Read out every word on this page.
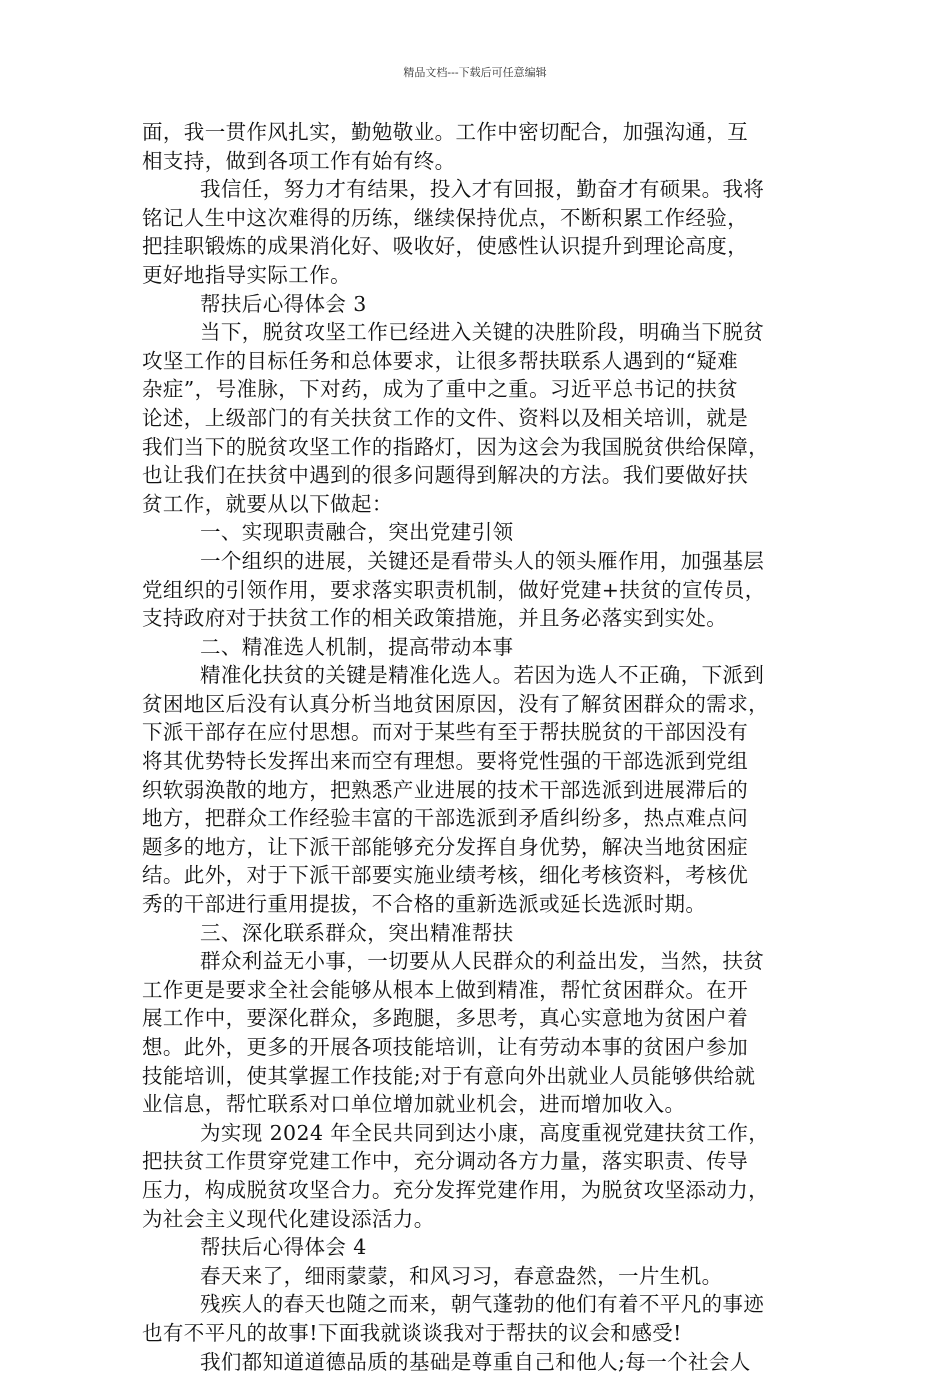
精品文档---下载后可任意编辑
面，我一贯作风扎实，勤勉敬业。工作中密切配合，加强沟通，互
相支持，做到各项工作有始有终。
我信任，努力才有结果，投入才有回报，勤奋才有硕果。我将
铭记人生中这次难得的历练，继续保持优点，不断积累工作经验，
把挂职锻炼的成果消化好、吸收好，使感性认识提升到理论高度，
更好地指导实际工作。
帮扶后心得体会 3
当下，脱贫攻坚工作已经进入关键的决胜阶段，明确当下脱贫
攻坚工作的目标任务和总体要求，让很多帮扶联系人遇到的“疑难
杂症”，号准脉，下对药，成为了重中之重。习近平总书记的扶贫
论述，上级部门的有关扶贫工作的文件、资料以及相关培训，就是
我们当下的脱贫攻坚工作的指路灯，因为这会为我国脱贫供给保障，
也让我们在扶贫中遇到的很多问题得到解决的方法。我们要做好扶
贫工作，就要从以下做起：
一、实现职责融合，突出党建引领
一个组织的进展，关键还是看带头人的领头雁作用，加强基层
党组织的引领作用，要求落实职责机制，做好党建+扶贫的宣传员，
支持政府对于扶贫工作的相关政策措施，并且务必落实到实处。
二、精准选人机制，提高带动本事
精准化扶贫的关键是精准化选人。若因为选人不正确，下派到
贫困地区后没有认真分析当地贫困原因，没有了解贫困群众的需求，
下派干部存在应付思想。而对于某些有至于帮扶脱贫的干部因没有
将其优势特长发挥出来而空有理想。要将党性强的干部选派到党组
织软弱涣散的地方，把熟悉产业进展的技术干部选派到进展滞后的
地方，把群众工作经验丰富的干部选派到矛盾纠纷多，热点难点问
题多的地方，让下派干部能够充分发挥自身优势，解决当地贫困症
结。此外，对于下派干部要实施业绩考核，细化考核资料，考核优
秀的干部进行重用提拔，不合格的重新选派或延长选派时期。
三、深化联系群众，突出精准帮扶
群众利益无小事，一切要从人民群众的利益出发，当然，扶贫
工作更是要求全社会能够从根本上做到精准，帮忙贫困群众。在开
展工作中，要深化群众，多跑腿，多思考，真心实意地为贫困户着
想。此外，更多的开展各项技能培训，让有劳动本事的贫困户参加
技能培训，使其掌握工作技能;对于有意向外出就业人员能够供给就
业信息，帮忙联系对口单位增加就业机会，进而增加收入。
为实现 2024 年全民共同到达小康，高度重视党建扶贫工作，
把扶贫工作贯穿党建工作中，充分调动各方力量，落实职责、传导
压力，构成脱贫攻坚合力。充分发挥党建作用，为脱贫攻坚添动力，
为社会主义现代化建设添活力。
帮扶后心得体会 4
春天来了，细雨蒙蒙，和风习习，春意盎然，一片生机。
残疾人的春天也随之而来，朝气蓬勃的他们有着不平凡的事迹
也有不平凡的故事!下面我就谈谈我对于帮扶的议会和感受!
我们都知道道德品质的基础是尊重自己和他人;每一个社会人
